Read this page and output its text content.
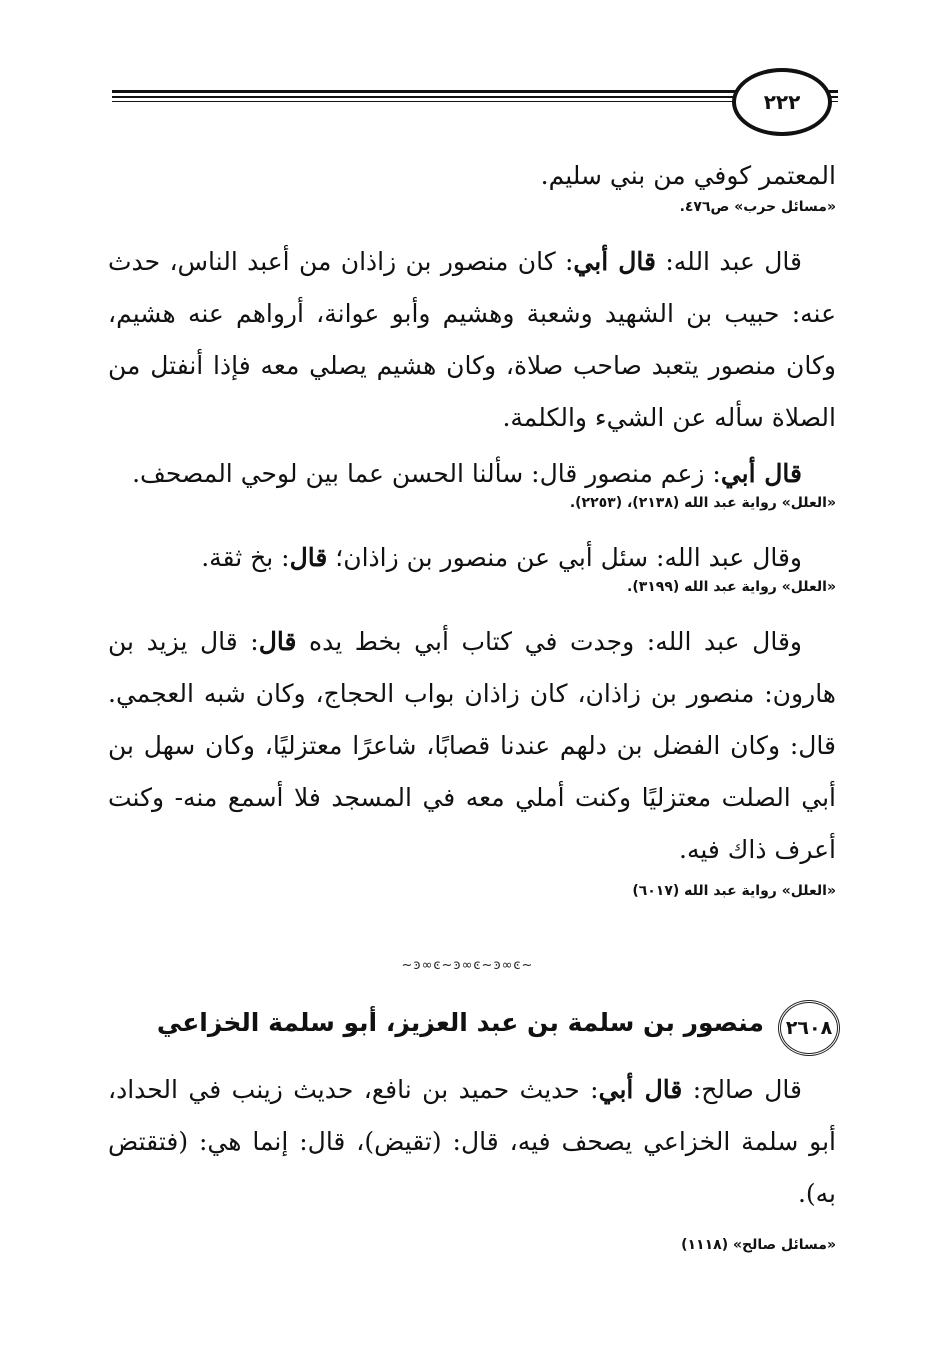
٢٢٢

المعتمر كوفي من بني سليم.

«مسائل حرب» ص٤٧٦.

قال عبد الله: قال أبي: كان منصور بن زاذان من أعبد الناس، حدث عنه: حبيب بن الشهيد وشعبة وهشيم وأبو عوانة، أرواهم عنه هشيم، وكان منصور يتعبد صاحب صلاة، وكان هشيم يصلي معه فإذا أنفتل من الصلاة سأله عن الشيء والكلمة.

قال أبي: زعم منصور قال: سألنا الحسن عما بين لوحي المصحف.

«العلل» رواية عبد الله (٢١٣٨)، (٢٢٥٣).

وقال عبد الله: سئل أبي عن منصور بن زاذان؛ قال: بخ ثقة.

«العلل» رواية عبد الله (٣١٩٩).

وقال عبد الله: وجدت في كتاب أبي بخط يده قال: قال يزيد بن هارون: منصور بن زاذان، كان زاذان بواب الحجاج، وكان شبه العجمي. قال: وكان الفضل بن دلهم عندنا قصابًا، شاعرًا معتزليًا، وكان سهل بن أبي الصلت معتزليًا وكنت أملي معه في المسجد فلا أسمع منه- وكنت أعرف ذاك فيه.

«العلل» رواية عبد الله (٦٠١٧)

~ͽ∞ͼ~ͽ∞ͼ~ͽ∞ͼ~
٢٦٠٨
منصور بن سلمة بن عبد العزيز، أبو سلمة الخزاعي

قال صالح: قال أبي: حديث حميد بن نافع، حديث زينب في الحداد، أبو سلمة الخزاعي يصحف فيه، قال: (تقيض)، قال: إنما هي: (فتقتض به).

«مسائل صالح» (١١١٨)
